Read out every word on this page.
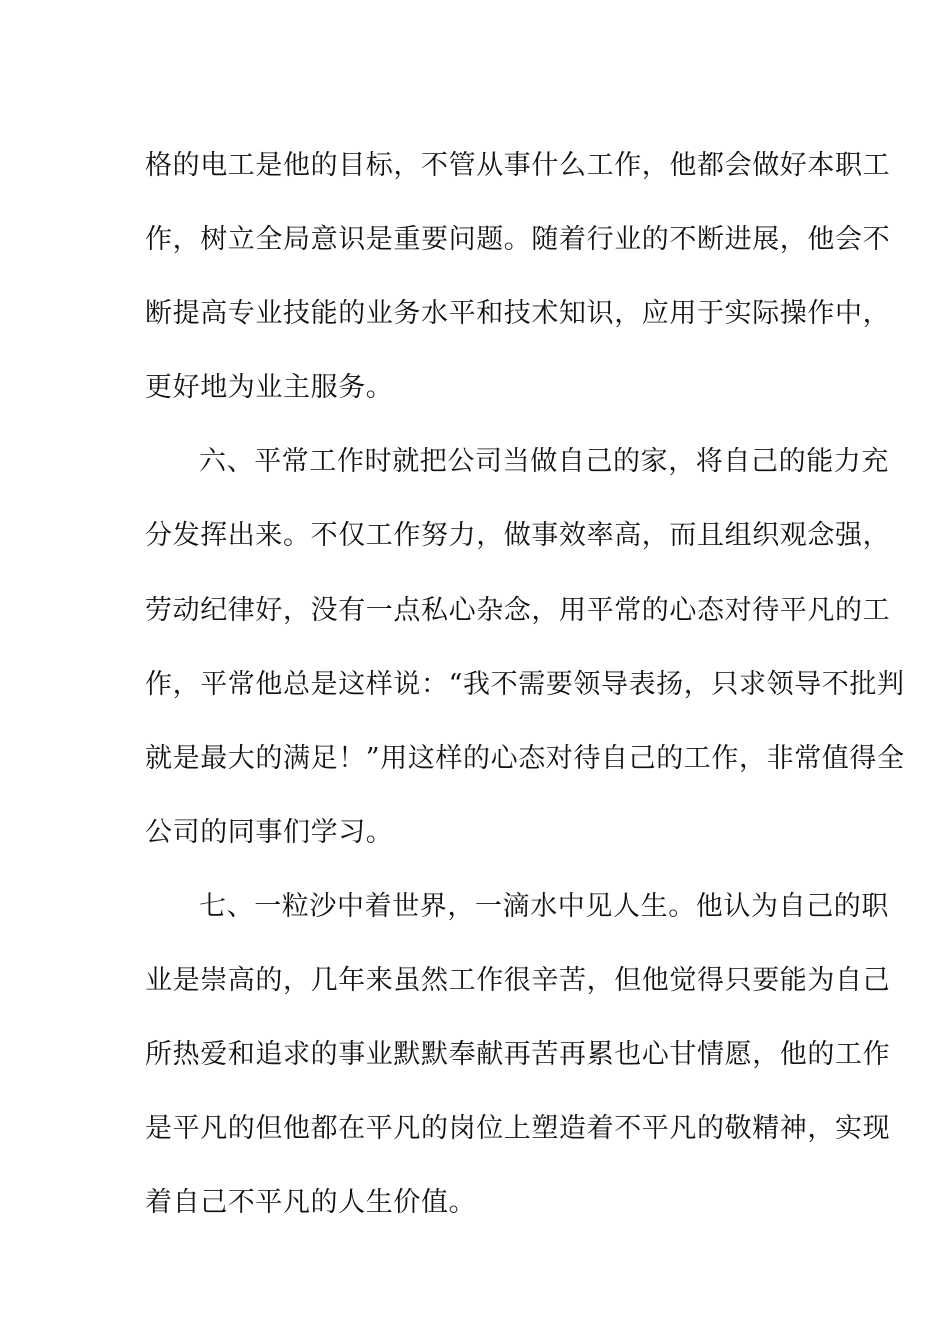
格的电工是他的目标，不管从事什么工作，他都会做好本职工
作，树立全局意识是重要问题。随着行业的不断进展，他会不
断提高专业技能的业务水平和技术知识，应用于实际操作中，
更好地为业主服务。
六、平常工作时就把公司当做自己的家，将自己的能力充
分发挥出来。不仅工作努力，做事效率高，而且组织观念强，
劳动纪律好，没有一点私心杂念，用平常的心态对待平凡的工
作，平常他总是这样说：“我不需要领导表扬，只求领导不批判
就是最大的满足！”用这样的心态对待自己的工作，非常值得全
公司的同事们学习。
七、一粒沙中着世界，一滴水中见人生。他认为自己的职
业是崇高的，几年来虽然工作很辛苦，但他觉得只要能为自己
所热爱和追求的事业默默奉献再苦再累也心甘情愿，他的工作
是平凡的但他都在平凡的岗位上塑造着不平凡的敬精神，实现
着自己不平凡的人生价值。
